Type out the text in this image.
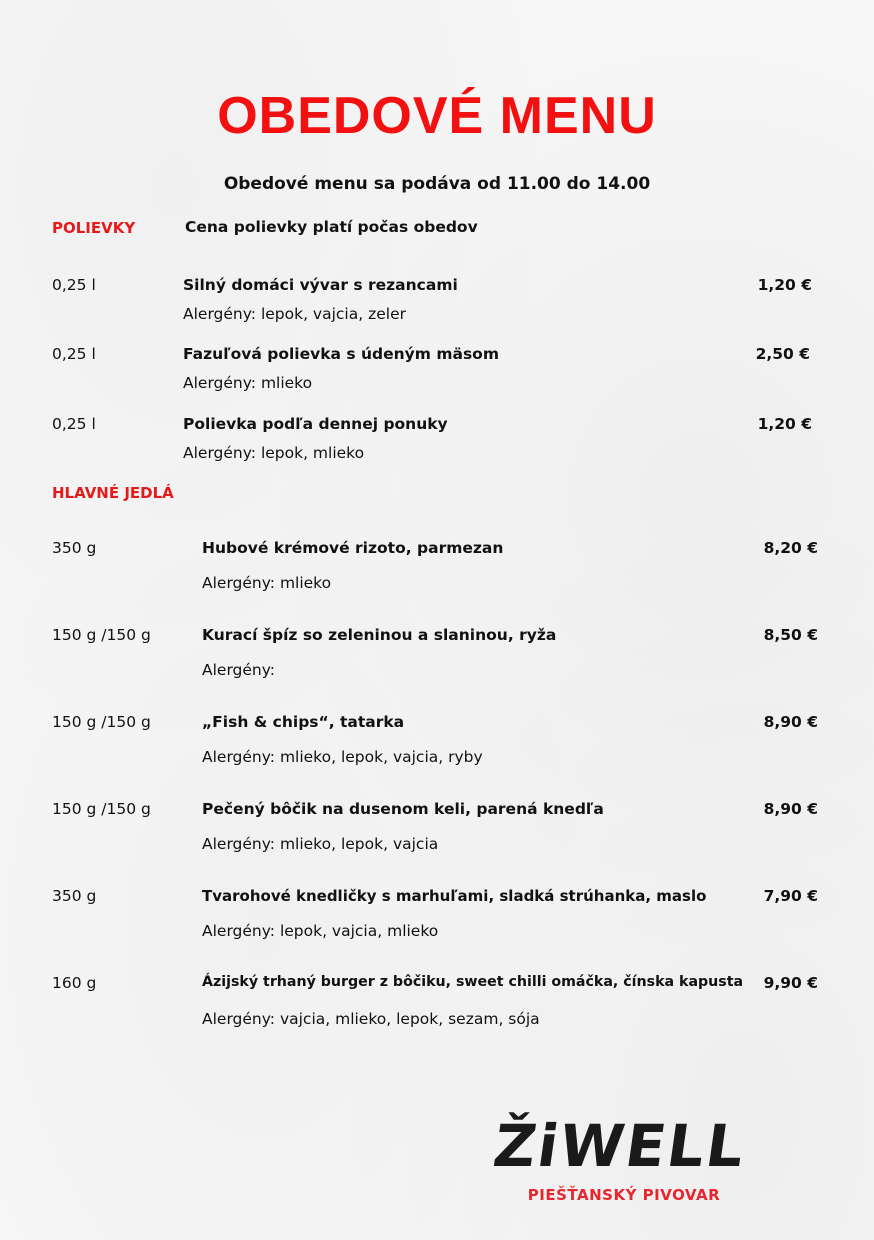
OBEDOVÉ MENU
Obedové menu sa podáva od 11.00 do 14.00
POLIEVKY	Cena polievky platí počas obedov
0,25 l	Silný domáci vývar s rezancami	1,20 €
Alergény: lepok, vajcia, zeler
0,25 l	Fazuľová polievka s údeným mäsom	2,50 €
Alergény: mlieko
0,25 l	Polievka podľa dennej ponuky	1,20 €
Alergény: lepok, mlieko
HLAVNÉ JEDLÁ
350 g	Hubové krémové rizoto, parmezan	8,20 €
Alergény: mlieko
150 g /150 g	Kurací špíz so zeleninou a slaninou, ryža	8,50 €
Alergény:
150 g /150 g	„Fish & chips“, tatarka	8,90 €
Alergény: mlieko, lepok, vajcia, ryby
150 g /150 g	Pečený bôčik na dusenom keli, parená knedľa	8,90 €
Alergény: mlieko, lepok, vajcia
350 g	Tvarohové knedličky s marhuľami, sladká strúhanka, maslo	7,90 €
Alergény: lepok, vajcia, mlieko
160 g	Ázijský trhaný burger z bôčiku, sweet chilli omáčka, čínska kapusta 9,90 €
Alergény: vajcia, mlieko, lepok, sezam, sója
ŽiWELL
PIEŠŤANSKÝ PIVOVAR
